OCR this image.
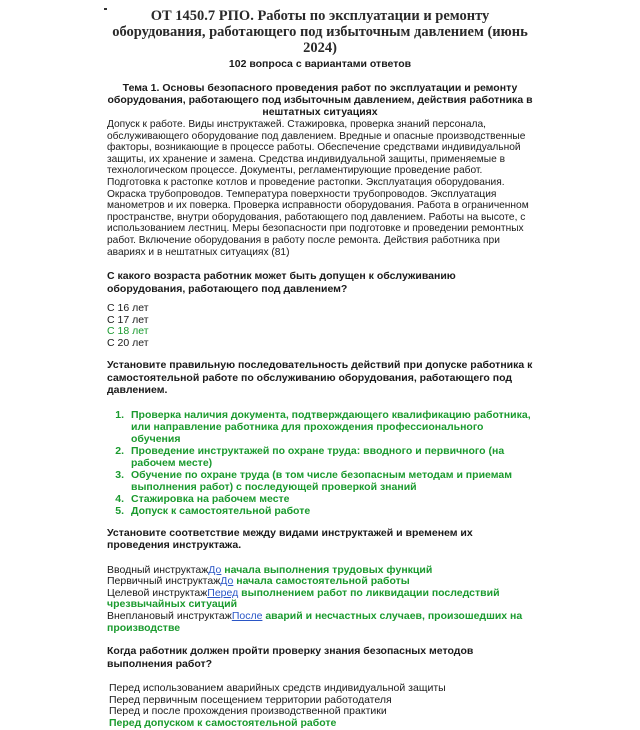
ОТ 1450.7 РПО. Работы по эксплуатации и ремонту оборудования, работающего под избыточным давлением (июнь 2024)
102 вопроса с вариантами ответов
Тема 1. Основы безопасного проведения работ по эксплуатации и ремонту оборудования, работающего под избыточным давлением, действия работника в нештатных ситуациях
Допуск к работе. Виды инструктажей. Стажировка, проверка знаний персонала, обслуживающего оборудование под давлением. Вредные и опасные производственные факторы, возникающие в процессе работы. Обеспечение средствами индивидуальной защиты, их хранение и замена. Средства индивидуальной защиты, применяемые в технологическом процессе. Документы, регламентирующие проведение работ. Подготовка к растопке котлов и проведение растопки. Эксплуатация оборудования. Окраска трубопроводов. Температура поверхности трубопроводов. Эксплуатация манометров и их поверка. Проверка исправности оборудования. Работа в ограниченном пространстве, внутри оборудования, работающего под давлением. Работы на высоте, с использованием лестниц. Меры безопасности при подготовке и проведении ремонтных работ. Включение оборудования в работу после ремонта. Действия работника при авариях и в нештатных ситуациях (81)
С какого возраста работник может быть допущен к обслуживанию оборудования, работающего под давлением?
С 16 лет
С 17 лет
С 18 лет
С 20 лет
Установите правильную последовательность действий при допуске работника к самостоятельной работе по обслуживанию оборудования, работающего под давлением.
1. Проверка наличия документа, подтверждающего квалификацию работника, или направление работника для прохождения профессионального обучения
2. Проведение инструктажей по охране труда: вводного и первичного (на рабочем месте)
3. Обучение по охране труда (в том числе безопасным методам и приемам выполнения работ) с последующей проверкой знаний
4. Стажировка на рабочем месте
5. Допуск к самостоятельной работе
Установите соответствие между видами инструктажей и временем их проведения инструктажа.
Вводный инструктажДо начала выполнения трудовых функций
Первичный инструктажДо начала самостоятельной работы
Целевой инструктажПеред выполнением работ по ликвидации последствий чрезвычайных ситуаций
Внеплановый инструктажПосле аварий и несчастных случаев, произошедших на производстве
Когда работник должен пройти проверку знания безопасных методов выполнения работ?
Перед использованием аварийных средств индивидуальной защиты
Перед первичным посещением территории работодателя
Перед и после прохождения производственной практики
Перед допуском к самостоятельной работе
